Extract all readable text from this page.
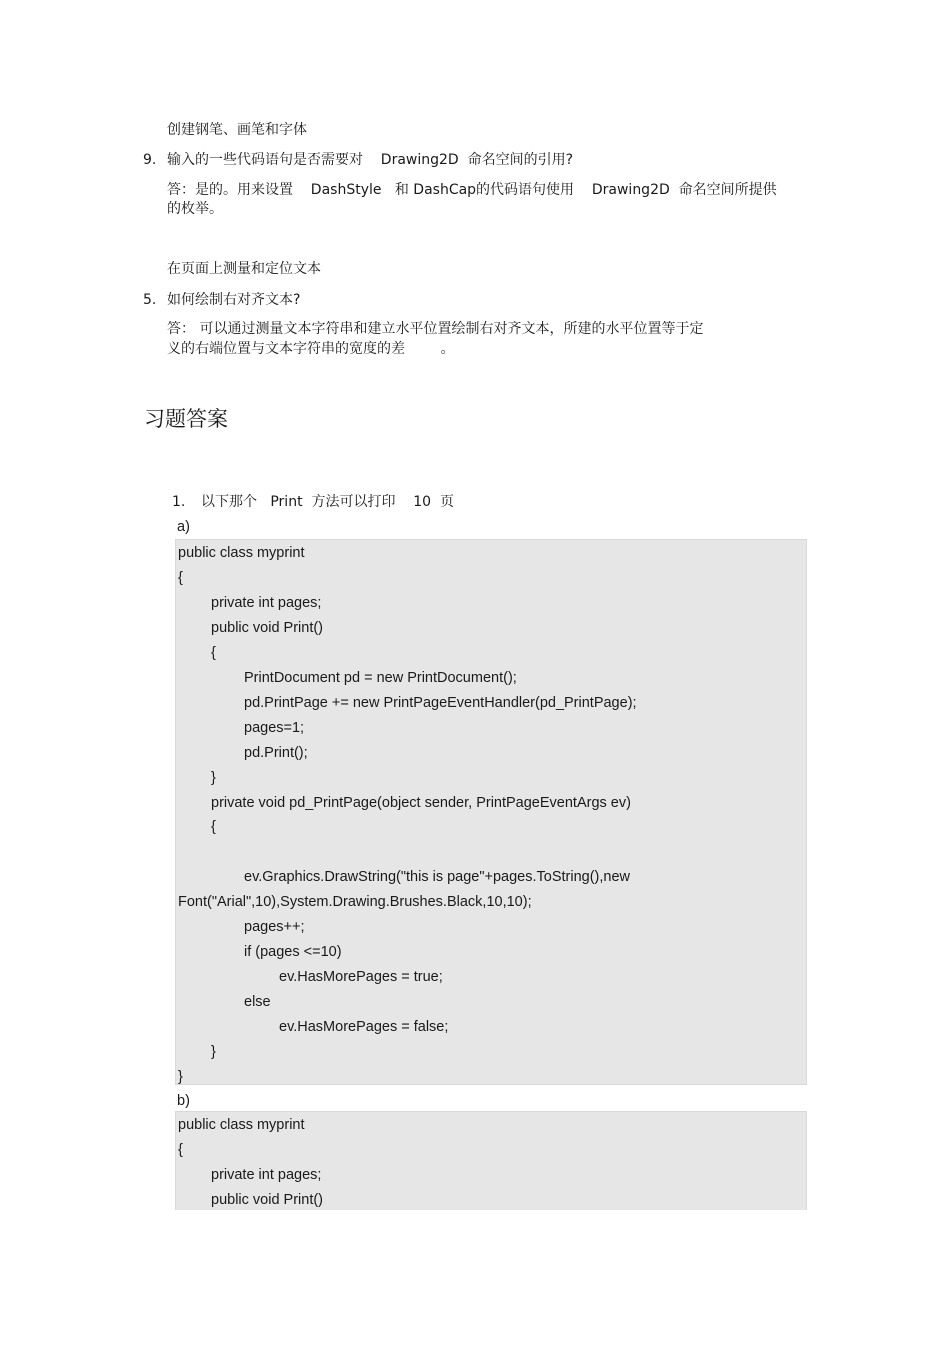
创建钢笔、画笔和字体
9. 输入的一些代码语句是否需要对    Drawing2D  命名空间的引用?
答：是的。用来设置    DashStyle   和 DashCap的代码语句使用    Drawing2D  命名空间所提供
的枚举。
在页面上测量和定位文本
5. 如何绘制右对齐文本?
答： 可以通过测量文本字符串和建立水平位置绘制右对齐文本，所建的水平位置等于定
义的右端位置与文本字符串的宽度的差        。
习题答案
1. 以下那个   Print  方法可以打印    10  页
a)
public class myprint
{
private int pages;
public void Print()
{
PrintDocument pd = new PrintDocument();
pd.PrintPage += new PrintPageEventHandler(pd_PrintPage);
pages=1;
pd.Print();
}
private void pd_PrintPage(object sender, PrintPageEventArgs ev)
{
ev.Graphics.DrawString("this is page"+pages.ToString(),new
Font("Arial",10),System.Drawing.Brushes.Black,10,10);
pages++;
if (pages <=10)
ev.HasMorePages = true;
else
ev.HasMorePages = false;
}
}
b)
public class myprint
{
private int pages;
public void Print()
